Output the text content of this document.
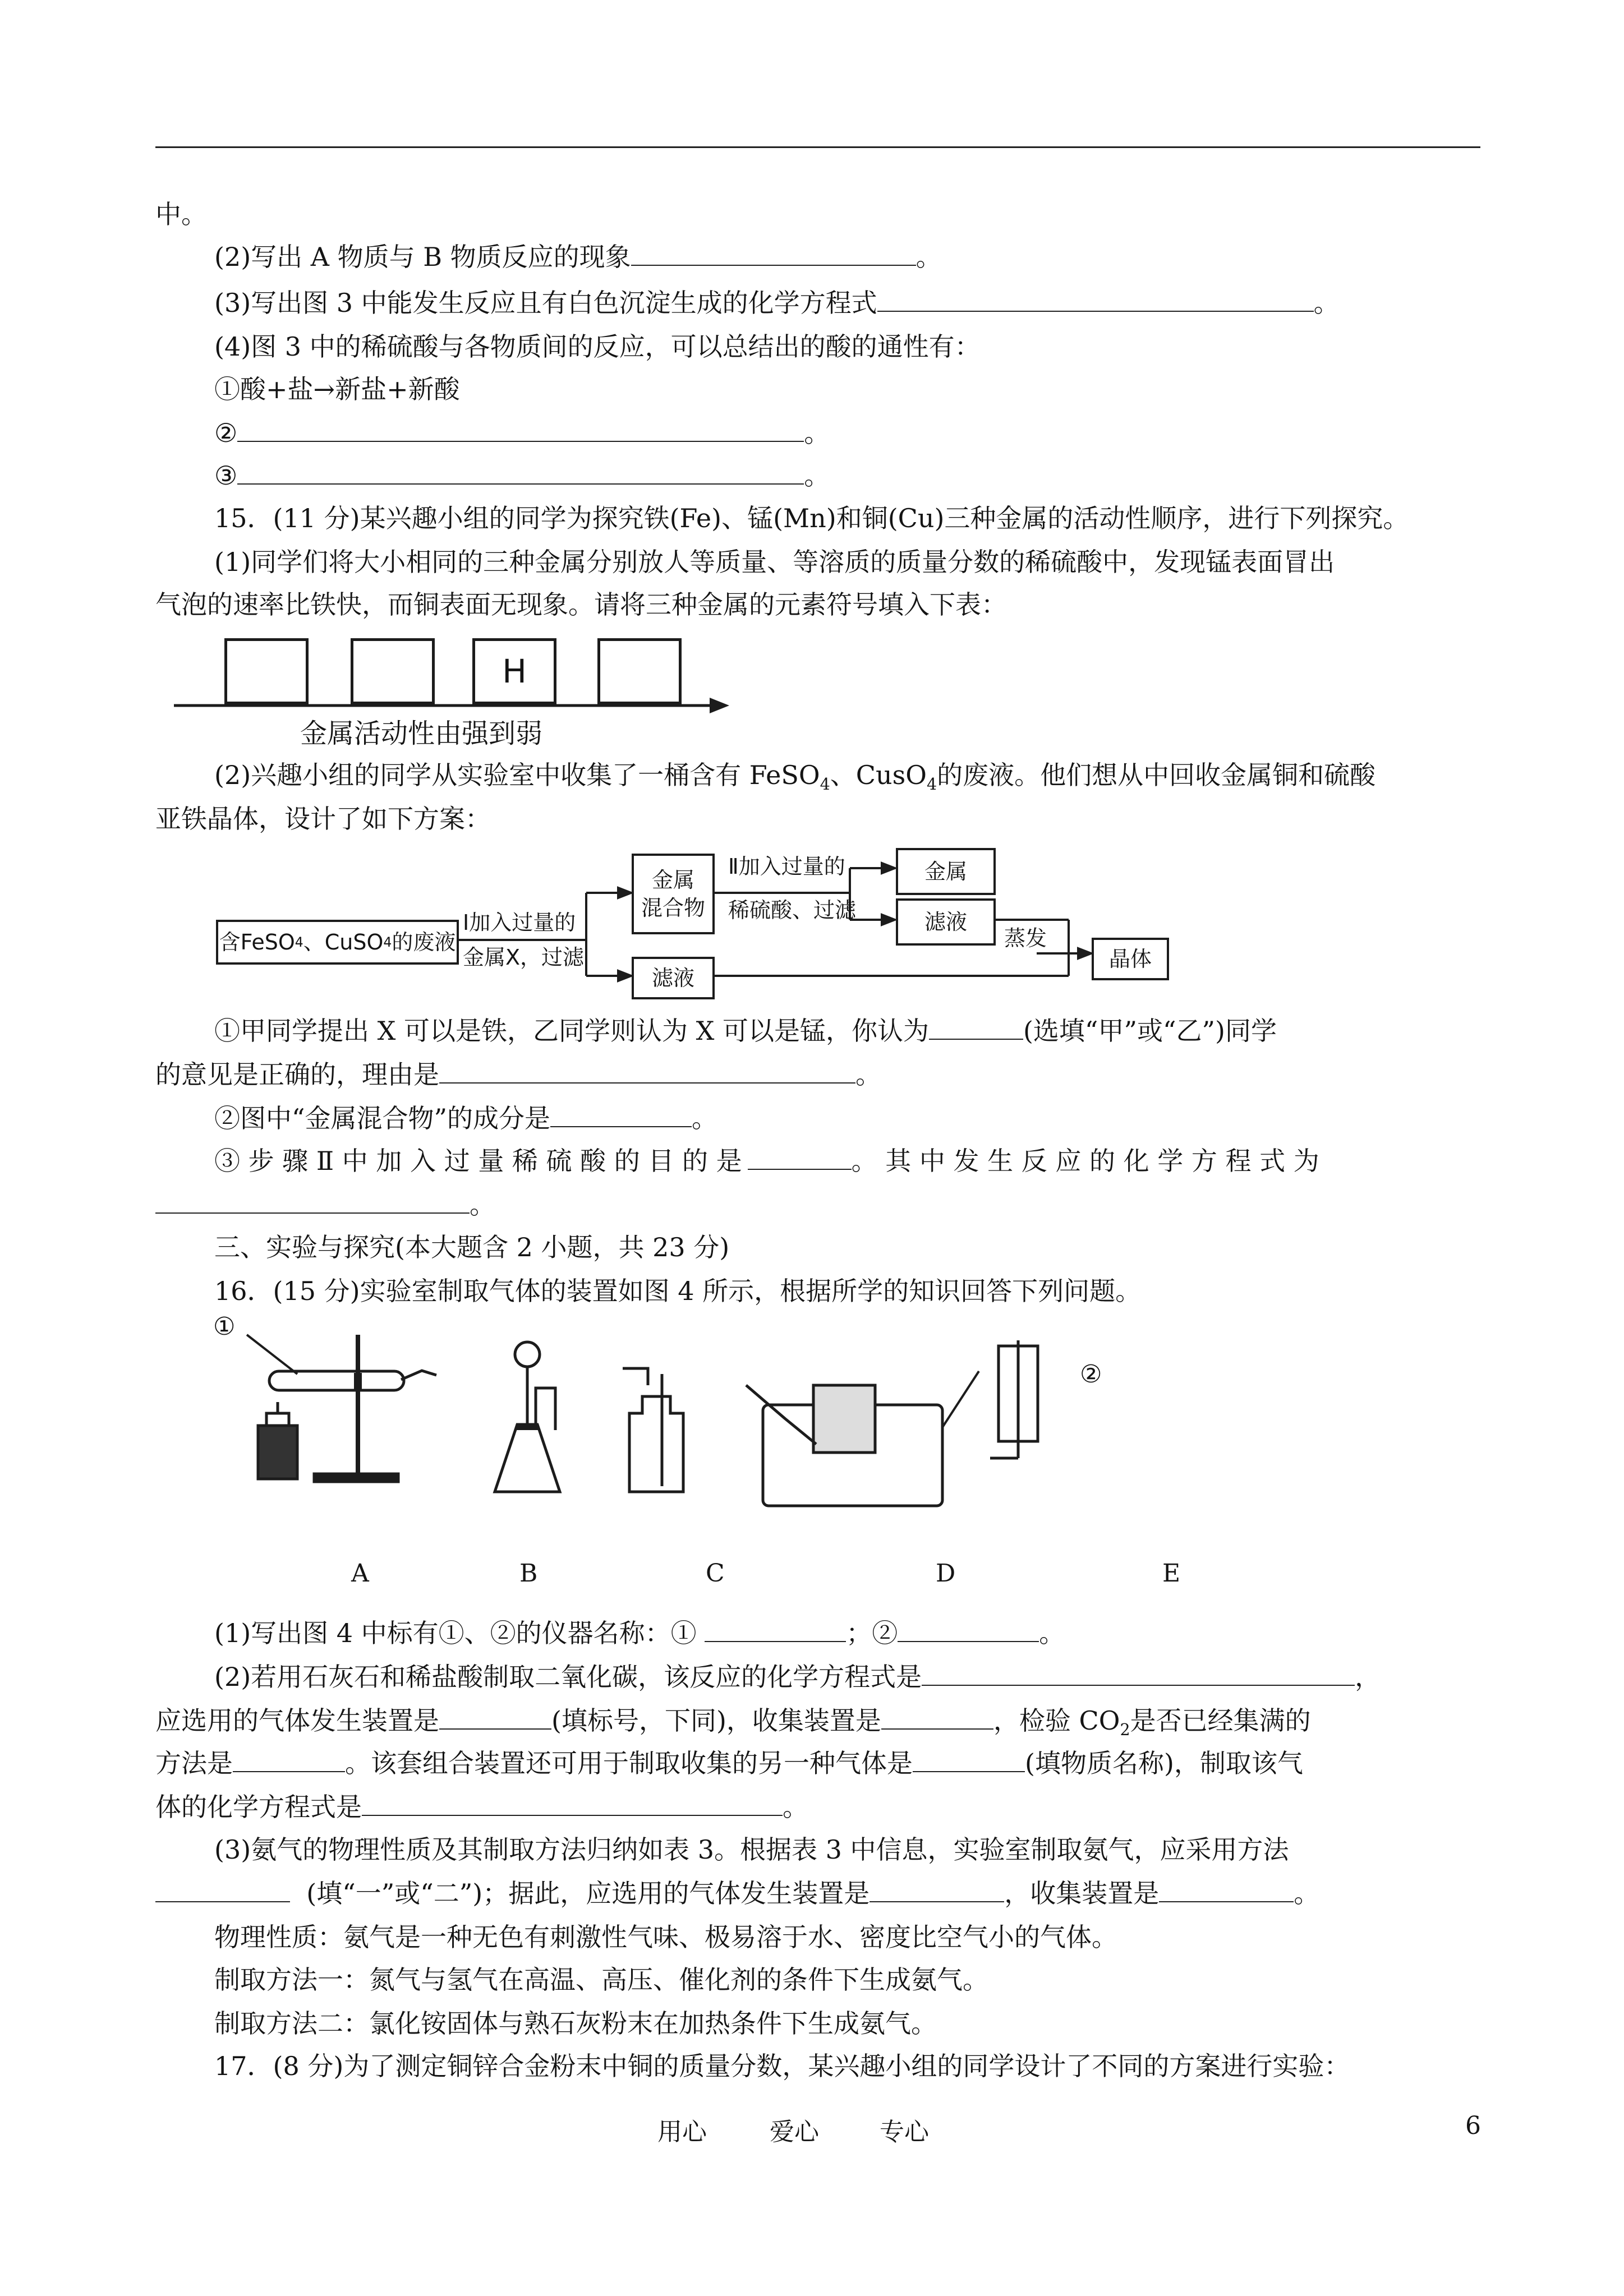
中。
(2)写出 A 物质与 B 物质反应的现象	。
(3)写出图 3 中能发生反应且有白色沉淀生成的化学方程式	。
(4)图 3 中的稀硫酸与各物质间的反应，可以总结出的酸的通性有：
①酸+盐→新盐+新酸
②	。
③	。
15．(11 分)某兴趣小组的同学为探究铁(Fe)、锰(Mn)和铜(Cu)三种金属的活动性顺序，进行下列探究。
(1)同学们将大小相同的三种金属分别放人等质量、等溶质的质量分数的稀硫酸中，发现锰表面冒出
气泡的速率比铁快，而铜表面无现象。请将三种金属的元素符号填入下表：
H
金属活动性由强到弱
(2)兴趣小组的同学从实验室中收集了一桶含有 FeSO$_4$、CusO$_4$的废液。他们想从中回收金属铜和硫酸
亚铁晶体，设计了如下方案：
含FeSO 4 、CuSO 4 的废液
Ⅰ加入过量的
金属X，过滤
金属
混合物
Ⅱ加入过量的
稀硫酸、过滤
金属
滤液
蒸发
晶体
滤液
①甲同学提出 X 可以是铁，乙同学则认为 X 可以是锰，你认为	(选填“甲”或“乙”)同学
的意见是正确的，理由是	。
②图中“金属混合物”的成分是	。
③ 步 骤 Ⅱ 中 加 入 过 量 稀 硫 酸 的 目 的 是	。 其 中 发 生 反 应 的 化 学 方 程 式 为
。
三、实验与探究(本大题含 2 小题，共 23 分)
16．(15 分)实验室制取气体的装置如图 4 所示，根据所学的知识回答下列问题。
①
②
A	B	C	D	E
(1)写出图 4 中标有①、②的仪器名称：①	；②	。
(2)若用石灰石和稀盐酸制取二氧化碳，该反应的化学方程式是	，
应选用的气体发生装置是	(填标号，下同)，收集装置是	，检验 $CO_2$是否已经集满的
方法是	。该套组合装置还可用于制取收集的另一种气体是	(填物质名称)，制取该气
体的化学方程式是	。
(3)氨气的物理性质及其制取方法归纳如表 3。根据表 3 中信息，实验室制取氨气，应采用方法
(填“一”或“二”)；据此，应选用的气体发生装置是	，收集装置是	。
物理性质：氨气是一种无色有刺激性气味、极易溶于水、密度比空气小的气体。
制取方法一：氮气与氢气在高温、高压、催化剂的条件下生成氨气。
制取方法二：氯化铵固体与熟石灰粉末在加热条件下生成氨气。
17．(8 分)为了测定铜锌合金粉末中铜的质量分数，某兴趣小组的同学设计了不同的方案进行实验：
用心	爱心 专心	6
